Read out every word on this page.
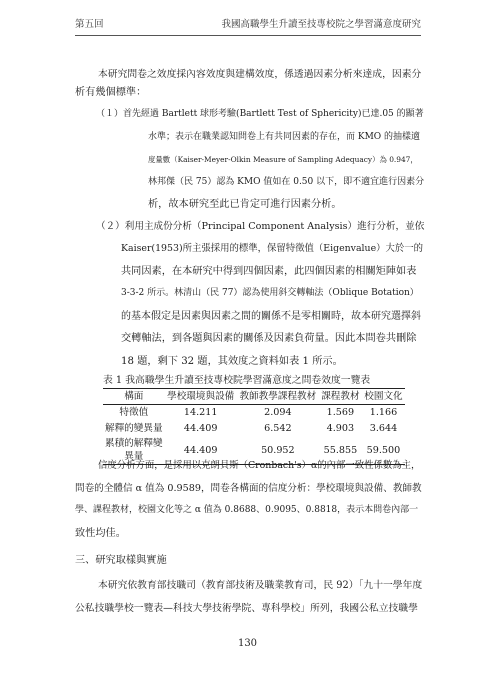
第五回	我國高職學生升讀至技專校院之學習滿意度研究
本研究問卷之效度採內容效度與建構效度，係透過因素分析來達成，因素分
析有幾個標準：
（１）首先經過 Bartlett 球形考驗(Bartlett Test of Sphericity)已達.05 的顯著
水準；表示在職業認知問卷上有共同因素的存在，而 KMO 的抽樣適
度量數（Kaiser-Meyer-Olkin Measure of Sampling Adequacy）為 0.947，
林邦傑（民 75）認為 KMO 值如在 0.50 以下，即不適宜進行因素分
析，故本研究至此已肯定可進行因素分析。
（２）利用主成份分析（Principal Component Analysis）進行分析，並依
Kaiser(1953)所主張採用的標準，保留特徵值（Eigenvalue）大於一的
共同因素，在本研究中得到四個因素，此四個因素的相關矩陣如表
3-3-2 所示。林清山（民 77）認為使用斜交轉軸法（Oblique Botation）
的基本假定是因素與因素之間的關係不是零相關時，故本研究選擇斜
交轉軸法，到各題與因素的關係及因素負荷量。因此本問卷共刪除
18 題，剩下 32 題，其效度之資料如表 1 所示。
表 1 我高職學生升讀至技專校院學習滿意度之問卷效度一覽表
構面	學校環境與設備	教師教學課程教材	課程教材	校園文化
特徵值	14.211	2.094	1.569	1.166
解釋的變異量	44.409	6.542	4.903	3.644
累積的解釋變
異量	44.409	50.952	55.855	59.500
信度分析方面，是採用以克朗貝斯（Cronbach's）α的內部一致性係數為主，
問卷的全體信 α 值為 0.9589，問卷各構面的信度分析：學校環境與設備、教師教
學、課程教材，校園文化等之 α 值為 0.8688、0.9095、0.8818，表示本問卷內部一
致性均佳。
三、研究取樣與實施
本研究依教育部技職司（教育部技術及職業教育司，民 92）「九十一學年度
公私技職學校一覽表—科技大學技術學院、專科學校」所列，我國公私立技職學
130
